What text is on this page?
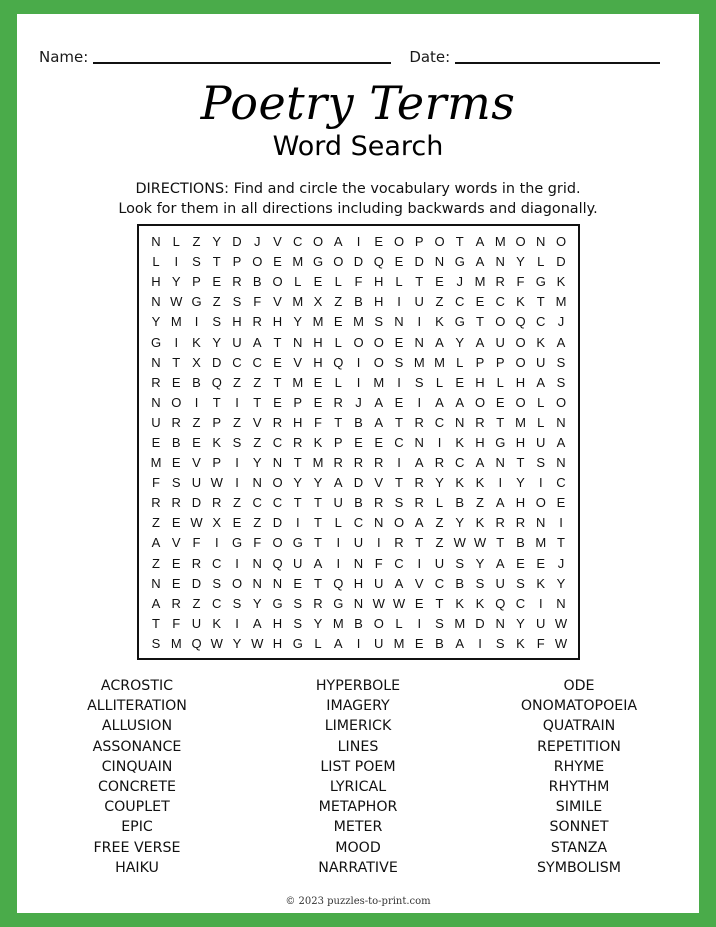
Name:	Date:
Poetry Terms
Word Search
DIRECTIONS: Find and circle the vocabulary words in the grid.
Look for them in all directions including backwards and diagonally.
N L Z Y D J V C O A	I	E O P O T A M O N O
L	I	S T P O E M G O D Q E D N G A N Y L D
H Y P E R B O L E L F H L T E J M R F G K
N W G Z S F V M X Z B H	I	U Z C E C K T M
Y M	I	S H R H Y M E M S N	I	K G T O Q C J
G	I	K Y U A T N H L O O E N A Y A U O K A
N T X D C C E V H Q	I	O S M M L P P O U S
R E B Q Z Z T M E L	I	M	I	S L E H L H A S
N O	I	T	I	T E P E R J A E	I	A A O E O L O
U R Z P Z V R H F T B A T R C N R T M L N
E B E K S Z C R K P E E C N	I	K H G H U A
M E V P	I	Y N T M R R R	I	A R C A N T S N
F S U W I	N O Y Y A D V T R Y K K	I	Y	I	C
R R D R Z C C T T U B R S R L B Z A H O E
Z E W X E Z D	I	T L C N O A Z Y K R R N	I
A V F	I	G F O G T	I	U	I	R T Z W W T B M T
Z E R C	I	N Q U A	I	N F C	I	U S Y A E E J
N E D S O N N E T Q H U A V C B S U S K Y
A R Z C S Y G S R G N W W E T K K Q C	I	N
T F U K	I	A H S Y M B O L	I	S M D N Y U W
S M Q W Y W H G L A	I	U M E B A	I	S K F W
ACROSTIC
ALLITERATION
ALLUSION
ASSONANCE
CINQUAIN
CONCRETE
COUPLET
EPIC
FREE VERSE
HAIKU
HYPERBOLE
IMAGERY
LIMERICK
LINES
LIST POEM
LYRICAL
METAPHOR
METER
MOOD
NARRATIVE
ODE
ONOMATOPOEIA
QUATRAIN
REPETITION
RHYME
RHYTHM
SIMILE
SONNET
STANZA
SYMBOLISM
© 2023 puzzles-to-print.com
